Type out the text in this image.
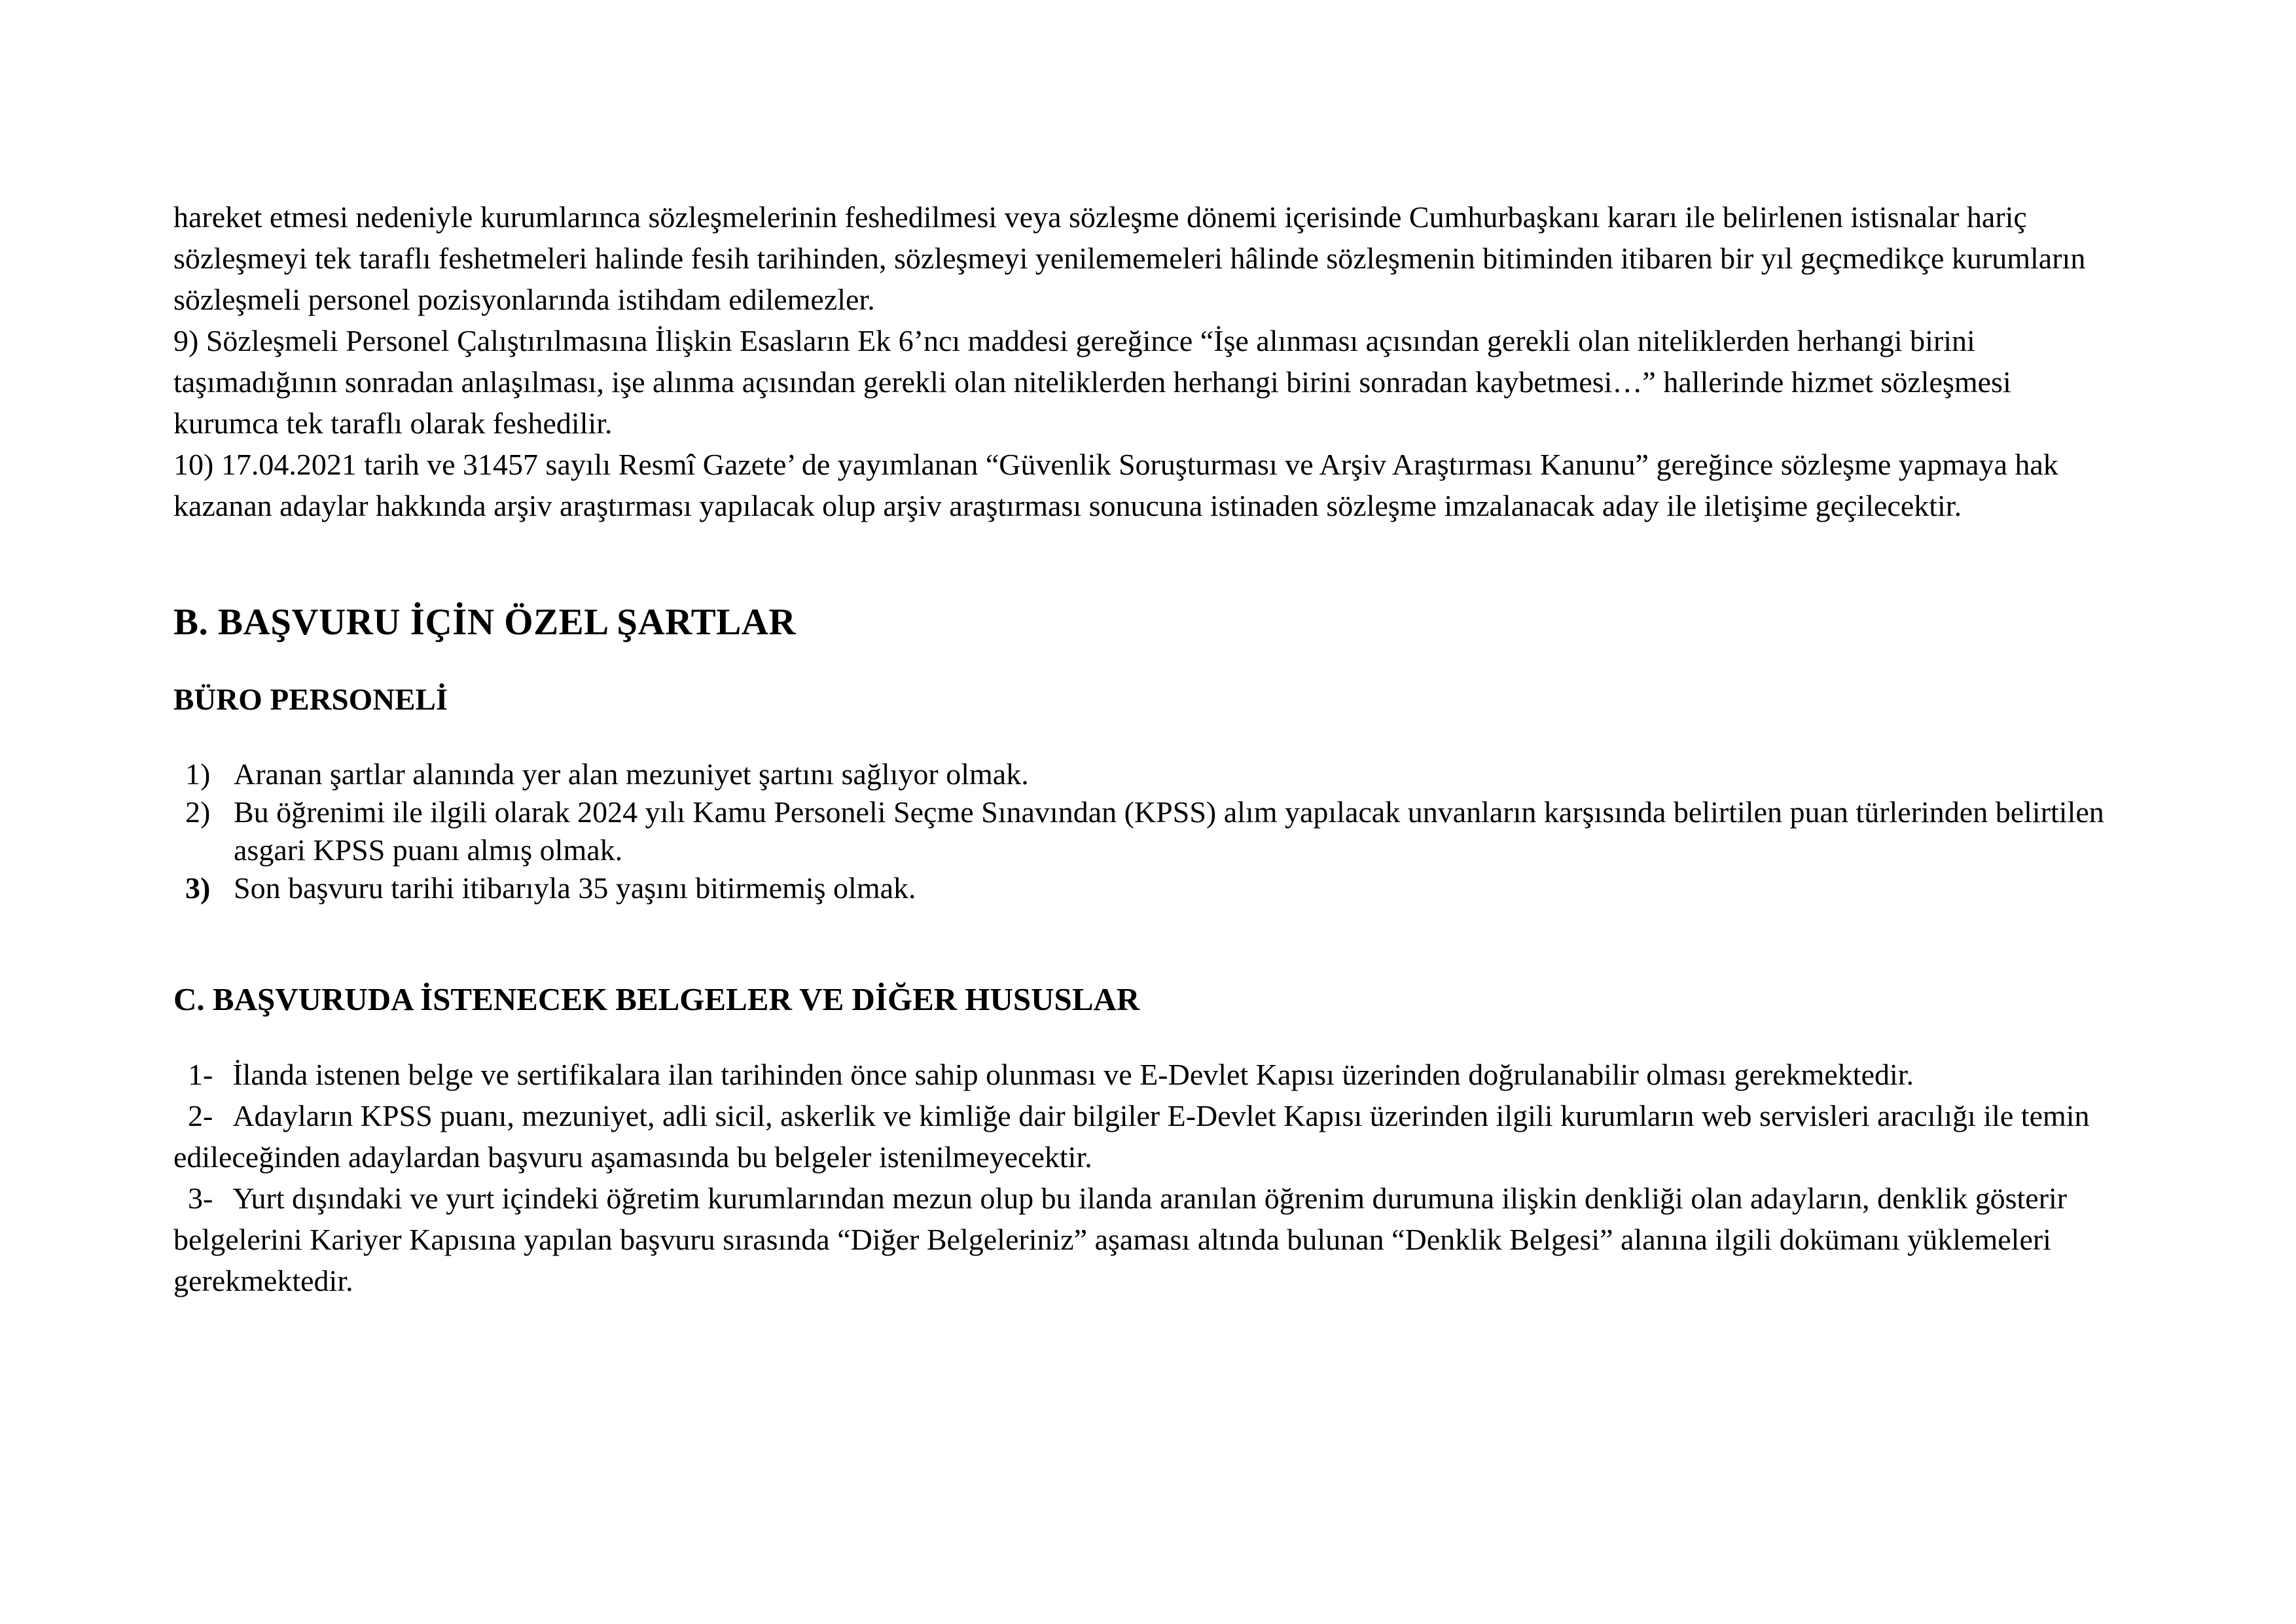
hareket etmesi nedeniyle kurumlarınca sözleşmelerinin feshedilmesi veya sözleşme dönemi içerisinde Cumhurbaşkanı kararı ile belirlenen istisnalar hariç sözleşmeyi tek taraflı feshetmeleri halinde fesih tarihinden, sözleşmeyi yenilememeleri hâlinde sözleşmenin bitiminden itibaren bir yıl geçmedikçe kurumların sözleşmeli personel pozisyonlarında istihdam edilemezler.

9) Sözleşmeli Personel Çalıştırılmasına İlişkin Esasların Ek 6’ncı maddesi gereğince “İşe alınması açısından gerekli olan niteliklerden herhangi birini taşımadığının sonradan anlaşılması, işe alınma açısından gerekli olan niteliklerden herhangi birini sonradan kaybetmesi…” hallerinde hizmet sözleşmesi kurumca tek taraflı olarak feshedilir.

10) 17.04.2021 tarih ve 31457 sayılı Resmî Gazete’ de yayımlanan “Güvenlik Soruşturması ve Arşiv Araştırması Kanunu” gereğince sözleşme yapmaya hak kazanan adaylar hakkında arşiv araştırması yapılacak olup arşiv araştırması sonucuna istinaden sözleşme imzalanacak aday ile iletişime geçilecektir.

B. BAŞVURU İÇİN ÖZEL ŞARTLAR
BÜRO PERSONELİ

1) Aranan şartlar alanında yer alan mezuniyet şartını sağlıyor olmak.

2) Bu öğrenimi ile ilgili olarak 2024 yılı Kamu Personeli Seçme Sınavından (KPSS) alım yapılacak unvanların karşısında belirtilen puan türlerinden belirtilen asgari KPSS puanı almış olmak.

3) Son başvuru tarihi itibarıyla 35 yaşını bitirmemiş olmak.

C. BAŞVURUDA İSTENECEK BELGELER VE DİĞER HUSUSLAR

1- İlanda istenen belge ve sertifikalara ilan tarihinden önce sahip olunması ve E-Devlet Kapısı üzerinden doğrulanabilir olması gerekmektedir.

2- Adayların KPSS puanı, mezuniyet, adli sicil, askerlik ve kimliğe dair bilgiler E-Devlet Kapısı üzerinden ilgili kurumların web servisleri aracılığı ile temin edileceğinden adaylardan başvuru aşamasında bu belgeler istenilmeyecektir.

3- Yurt dışındaki ve yurt içindeki öğretim kurumlarından mezun olup bu ilanda aranılan öğrenim durumuna ilişkin denkliği olan adayların, denklik gösterir belgelerini Kariyer Kapısına yapılan başvuru sırasında “Diğer Belgeleriniz” aşaması altında bulunan “Denklik Belgesi” alanına ilgili dokümanı yüklemeleri gerekmektedir.
